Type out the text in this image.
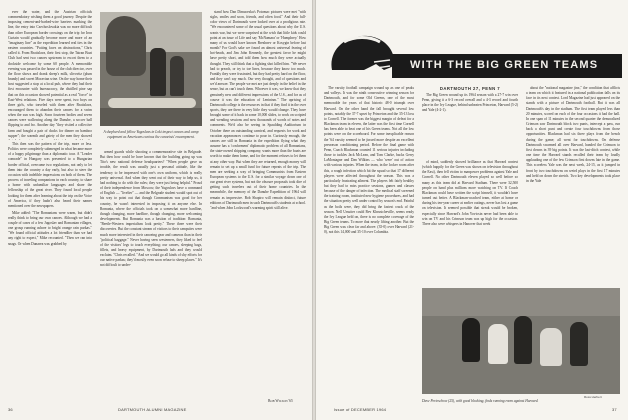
ever the water, and the Austrian officials commendatory wishing them a good journey. Despite the imposing cement-and-barbed-wire barriers marking the line, the entry into Czechoslovakia was no more difficult than other European border crossings on the trip for Iron Curtain would gradually become more and more of an "imaginary line" as the expedition learned real ties in the eastern countries. "Putting faces on abstractions," Chris called it. From Bratislava, their first stop, the Tatran Boat Club had sent two canoes upstream to escort them to a dockside welcome by some 60 people. A memorable evening was passed in the house of the club director, over the floor shows and drank sheep's milk, slivovitz (plum brandy) and sweet Moravian wine. On the way home their host suggested a stop at a local pub, where they had their first encounter with bureaucracy, the distilled pine sap that on this occasion showed potential as a real "force" in East-West relations. Five days were spent, two boys on three girls, who traveled with them after Bratislava, encouraged them to abandon their canoes for a swim when the sun was high. Soon fourteen bodies and seven canoes were wallowing along the Danube, a soccer ball flipping to and fro. Another day "they visited a collective farm and bought a pair of ducks for dinner on bamboo supper"; the warmth and gaiety of the men they showed

A shepherd and fellow Yugoslavs in Loki inspect canoes and camp equipment as Americans curious the canoeists' encampment.

This then was the pattern of the trip, more or less. Politics were completely submerged in what became more of a happy pilgrimage than a diplomatic tour. A "Leader comrade" in Hungary was presented to a Hungarian border official, overcame two regulations, not only to let them into the country a day early, but also to steer the occasion with indelible impressions on both of them. The process of traveling companions in each country, to share a home with unfamiliar languages and share the fellowship of the great river. They found local people looking for them after learning about the trip on the Voice of America, if they hadn't also heard their names mentioned over the newspapers.

Mike added: "The Romanians were warm, but didn't really think to bring our own canoes. Although we had a couple of cases of a few Jugoslav and Romanian villages, one group running ashore to bright orange rain parkas." "We found official attitudes a lot friendlier than we had any right to expect," Mike recounted. "Then we ran into snags. Or when Dunarea was grabbed by

armed guards while shooting a commemorative site in Belgrade. But then how could he have known that the building going up was Tito's new national defense headquarters? "When people gave us trouble, the result was usually just a personal attitude, like the tendency to be impressed with one's own uniform, which is really pretty universal. And when they went out of their way to help us, it had nothing to do with the rules; they were just being helpful." Proud of their independence from Moscow, the Yugoslavs have a command of English — "livelier" — and the Belgrade student would spot out of his way to point out that though Communism was good for her country, he wasn't interested in imposing it on anyone else. In Romania, where the officials took on a somewhat more hardline, though changing, more hardline, though changing, more welcoming developments. But Romania was a bastion of tradition: Romania, "Beetle-Western imperialism look pretty." These three were their discoveries. But the constant stream of visitors to their campsites were much more interested in their canoeing gear and cameras than in their "political baggage." Never having seen westerners, they liked to feel of the visitors' legs to touch everything; our canoes, sleeping bags, fillets, and heavy equipment, by Dartmouth lads and they would exclaim. "Chris recalled. "And we would go all kinds of shy efforts for our native parkas; they'd mostly even soon refuse to sheep places." It's not difficult to under-

stand how Dan Dimucesku's Potomac pictures were met "with sighs, smiles and soon, friends, and often food." And their full-color views of Dartmouth were looked over at a prodigious rate. "We encountered some of the usual questions about why the U.S. wants war, but we were surprised at the wish that little kids could point at an issue of Life and say 'McNamara' or 'Humphrey.' How many of us would have known Brezhnev or Kosygin before last month? For God's sake we found an almost universal fearing of hot-heads, and Jim John Kennedy, the greatest favor he might have pretty short, and told them how much they were actually thought. They still think that a fighting shot killed him. "We never had to preach, or try to toe lines, because they know too much. Frankly they were frustrated, but they had pretty hard on the floor, and they can't say much. Our very thought, and of questions and we'd answer. The people we met are just deeply in the belief in the sense, but as can't touch them. Whoever it was, we knew that they genuinely new and different impressions of the U.S., and for as of course it was the education of Leninism." The uprising of Dartmouth college is the resources in that if they find it in the over sports, they are there in very little they would change. They have brought some of it back in some 10,000 slides, to work on scripted and wending sessions and now thousands of words of notes and comments. We'd also be seeing in Spaulding Auditorium in October there an outstanding carnival, and requests for work and vacation appearances continue to pour in. Curiously enough, the canoes are still in Romania in the expedition flying what they assume has a 'conforment' diplomatic problem of all Romanians, the state-owned shipping company, wants more than the boats are worth to make them home, and for the moment refuses to let them at any other way. But when they are returned, enough money will remain to set up a small fund for future repeats of the trip. The men are seeking a way of bringing Communists from Eastern European systems to the U.S. for a similar voyage down one of our great river systems, but not the obscure proposals took dire of getting such travelers out of their home countries. In the meanwhile, the memory of the Danube Expedition of 1964 will remain as impressive. Bob Shapiro will remain distinct, future editions of Dartmouth men in such Dartmouth's students at school. "and when John Lockwood's warming spirit still alive.

Bob Wilson '65
36	DARTMOUTH ALUMNI MAGAZINE
WITH THE BIG GREEN TEAMS

The varsity football campaign wound up as one of peaks and valleys. It was the ninth consecutive winning season for Dartmouth, and for some Old Greens, one of the most memorable for years of that historic 48-0 triumph over Harvard. On the other hand the fall brought several low points, notably the 37-7 upset by Princeton and the 35-13 loss to Cornell. The former was the biggest margin of defeat for a Blackman team in eleven, the latter was the first time Cornell has been able to beat one of his Green teams. Not all the low points were on the scoreboard. For some inexplicable reason the '64 varsity seemed to be jinxed more despite an excellent preseason conditioning period. Before the final game with Penn, Coach Blackman counted 11 serious injuries including those to tackles Jack McLean, and Tom Clarke, backs Gerry LaMontagne and Dan Wilkins — who 'were' out of action with various injuries. When the team, in the locker room after this, a rough infection which hit the squad so that 17 different players were affected throughout the season. This was a particularly frustrating ailment. The players felt fairly healthy but they had to miss practice sessions, games and classes because of the danger of infection. The medical staff screened the training room, instituted new hygiene procedures, and had the situation pretty well under control by season's end. Painful as the boils were, they did bring the fastest crack of the season. Nell Ursutter could Bev Khrustcheville, seems ready the Ivy League held on, there is no complete coverage of the Big Green teams. To more that nearly lifting another. But the Big Green was clear far and above: (35-0) over Harvard (21-0), not this 14,000 and 35-10 over Columbia.

DARTMOUTH 27, PENN 7

The Big Green wound up its 1964 season with a 27-7 win over Penn, giving it a 6-3 record overall and a 4-3 record and fourth place in the Ivy League, behind unbeaten Princeton, Harvard (5-2) and Yale (4-2-1).

of mind, suddenly showed brilliance as that Harvard contest (which happily for the Green was shown on television throughout the East), then fell victim to manpower problems against Yale and Cornell. No other Dartmouth eleven played so well before so many as this team did at Harvard Stadium. There were 32,500 people on hand plus millions more watching on TV. If Coach Blackman could have written the script himself, it wouldn't have turned out better. A Blackman-coached team, either at home or during his ten-year career at earlier outings, never has lost a game on television. It seemed possible that streak would be broken, especially since Harvard's John Yovicsin never had been able to win on TV and his Crimson team was up high for the occasion. There also were whispers in Hanover that week

about the "national magazine jinx," the condition that afflicts a team on which it featured in a national publication falls on its face in its next contest. Lord Magazine had just appeared on the stands with a picture of Dartmouth football. But it was all Dartmouth's day in the stadium. The first team played less than 20 minutes, scored on each of the four occasions it had the ball. In one span of 11 minutes in the second quarter the demoralized Crimson saw Dartmouth block two punts, intercept a pass, run back a short punt and create four touchdowns from those opportunities. Blackman had six three plays from the bench during the game; all went for touchdowns. On defense Dartmouth swarmed all over Harvard, handed the Crimson to first downs in 39 big points. It was the last-ditch contest, while one time the Harvard stands recalled their team by loudly applauding one of the few Crimson first downs late in the game. This scoreless Yale was the next week, 24-15, as it jumped in front by two touchdowns on weird plays in the first 17 minutes and held on down the stretch. Two key developments took place in the Yale

Ross Herbert
Dave Perteschow (25), with good blocking, finds running room against Harvard.
Issue of DECEMBER 1964	37
